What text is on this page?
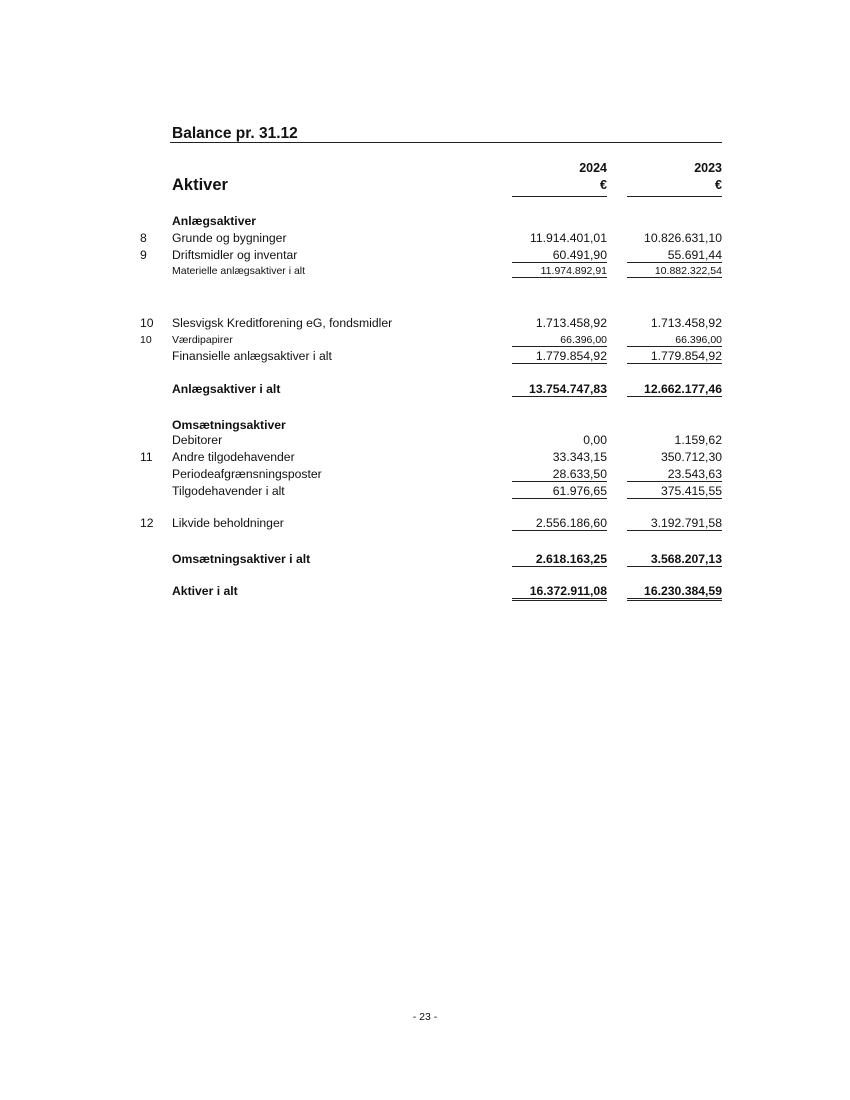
Balance pr. 31.12
Aktiver
2024	2023
€	€
Anlægsaktiver
8	Grunde og bygninger	11.914.401,01	10.826.631,10
9	Driftsmidler og inventar	60.491,90	55.691,44
Materielle anlægsaktiver i alt	11.974.892,91	10.882.322,54
10	Slesvigsk Kreditforening eG, fondsmidler	1.713.458,92	1.713.458,92
10	Værdipapirer	66.396,00	66.396,00
Finansielle anlægsaktiver i alt	1.779.854,92	1.779.854,92
Anlægsaktiver i alt	13.754.747,83	12.662.177,46
Omsætningsaktiver
Debitorer	0,00	1.159,62
11	Andre tilgodehavender	33.343,15	350.712,30
Periodeafgrænsningsposter	28.633,50	23.543,63
Tilgodehavender i alt	61.976,65	375.415,55
12	Likvide beholdninger	2.556.186,60	3.192.791,58
Omsætningsaktiver i alt	2.618.163,25	3.568.207,13
Aktiver i alt	16.372.911,08	16.230.384,59
- 23 -
